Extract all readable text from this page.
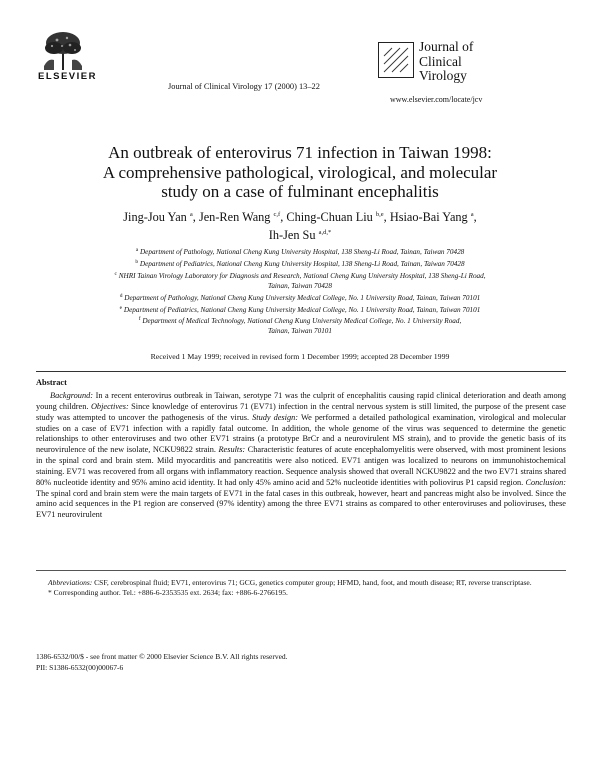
ELSEVIER
Journal of Clinical Virology 17 (2000) 13–22
Journal of
Clinical
Virology
www.elsevier.com/locate/jcv
An outbreak of enterovirus 71 infection in Taiwan 1998:
A comprehensive pathological, virological, and molecular
study on a case of fulminant encephalitis
Jing-Jou Yan $^a$, Jen-Ren Wang $^{c,f}$, Ching-Chuan Liu $^{b,e}$, Hsiao-Bai Yang $^a$,
Ih-Jen Su $^{a,d,*}$
$^a$ Department of Pathology, National Cheng Kung University Hospital, 138 Sheng-Li Road, Tainan, Taiwan 70428
$^b$ Department of Pediatrics, National Cheng Kung University Hospital, 138 Sheng-Li Road, Tainan, Taiwan 70428
$^c$ NHRI Tainan Virology Laboratory for Diagnosis and Research, National Cheng Kung University Hospital, 138 Sheng-Li Road,
Tainan, Taiwan 70428
$^d$ Department of Pathology, National Cheng Kung University Medical College, No. 1 University Road, Tainan, Taiwan 70101
$^e$ Department of Pediatrics, National Cheng Kung University Medical College, No. 1 University Road, Tainan, Taiwan 70101
$^f$ Department of Medical Technology, National Cheng Kung University Medical College, No. 1 University Road,
Tainan, Taiwan 70101
Received 1 May 1999; received in revised form 1 December 1999; accepted 28 December 1999
Abstract

Background: In a recent enterovirus outbreak in Taiwan, serotype 71 was the culprit of encephalitis causing rapid clinical deterioration and death among young children. Objectives: Since knowledge of enterovirus 71 (EV71) infection in the central nervous system is still limited, the purpose of the present case study was attempted to uncover the pathogenesis of the virus. Study design: We performed a detailed pathological examination, virological and molecular studies on a case of EV71 infection with a rapidly fatal outcome. In addition, the whole genome of the virus was sequenced to determine the genetic relationships to other enteroviruses and two other EV71 strains (a prototype BrCr and a neurovirulent MS strain), and to provide the genetic basis of its neurovirulence of the new isolate, NCKU9822 strain. Results: Characteristic features of acute encephalomyelitis were observed, with most prominent lesions in the spinal cord and brain stem. Mild myocarditis and pancreatitis were also noticed. EV71 antigen was localized to neurons on immunohistochemical staining. EV71 was recovered from all organs with inflammatory reaction. Sequence analysis showed that overall NCKU9822 and the two EV71 strains shared 80% nucleotide identity and 95% amino acid identity. It had only 45% amino acid and 52% nucleotide identities with poliovirus P1 capsid region. Conclusion: The spinal cord and brain stem were the main targets of EV71 in the fatal cases in this outbreak, however, heart and pancreas might also be involved. Since the amino acid sequences in the P1 region are conserved (97% identity) among the three EV71 strains as compared to other enteroviruses and polioviruses, these EV71 neurovirulent

Abbreviations: CSF, cerebrospinal fluid; EV71, enterovirus 71; GCG, genetics computer group; HFMD, hand, foot, and mouth disease; RT, reverse transcriptase.

* Corresponding author. Tel.: +886-6-2353535 ext. 2634; fax: +886-6-2766195.

1386-6532/00/$ - see front matter © 2000 Elsevier Science B.V. All rights reserved.
PII: S1386-6532(00)00067-6
